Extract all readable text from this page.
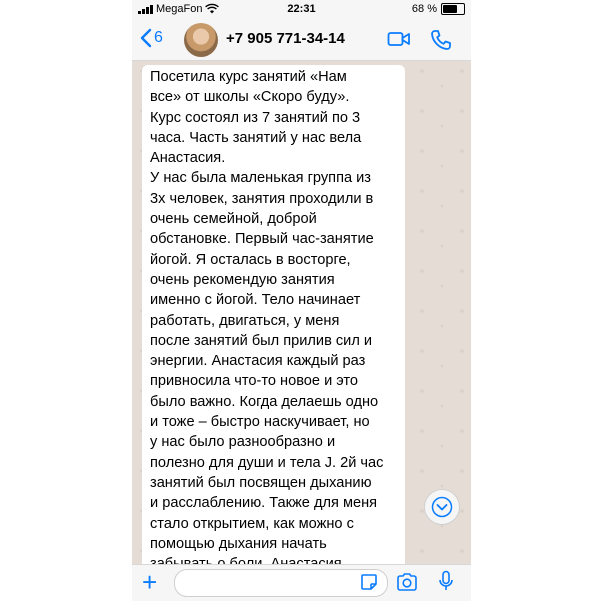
MegaFon	22:31	68 %
6	+7 905 771-34-14

Посетила курс занятий «Нам
все» от школы «Скоро буду».
Курс состоял из 7 занятий по 3
часа. Часть занятий у нас вела
Анастасия.
У нас была маленькая группа из
3х человек, занятия проходили в
очень семейной, доброй
обстановке. Первый час-занятие
йогой. Я осталась в восторге,
очень рекомендую занятия
именно с йогой. Тело начинает
работать, двигаться, у меня
после занятий был прилив сил и
энергии. Анастасия каждый раз
привносила что-то новое и это
было важно. Когда делаешь одно
и тоже – быстро наскучивает, но
у нас было разнообразно и
полезно для души и тела J. 2й час
занятий был посвящен дыханию
и расслаблению. Также для меня
стало открытием, как можно с
помощью дыхания начать

+
